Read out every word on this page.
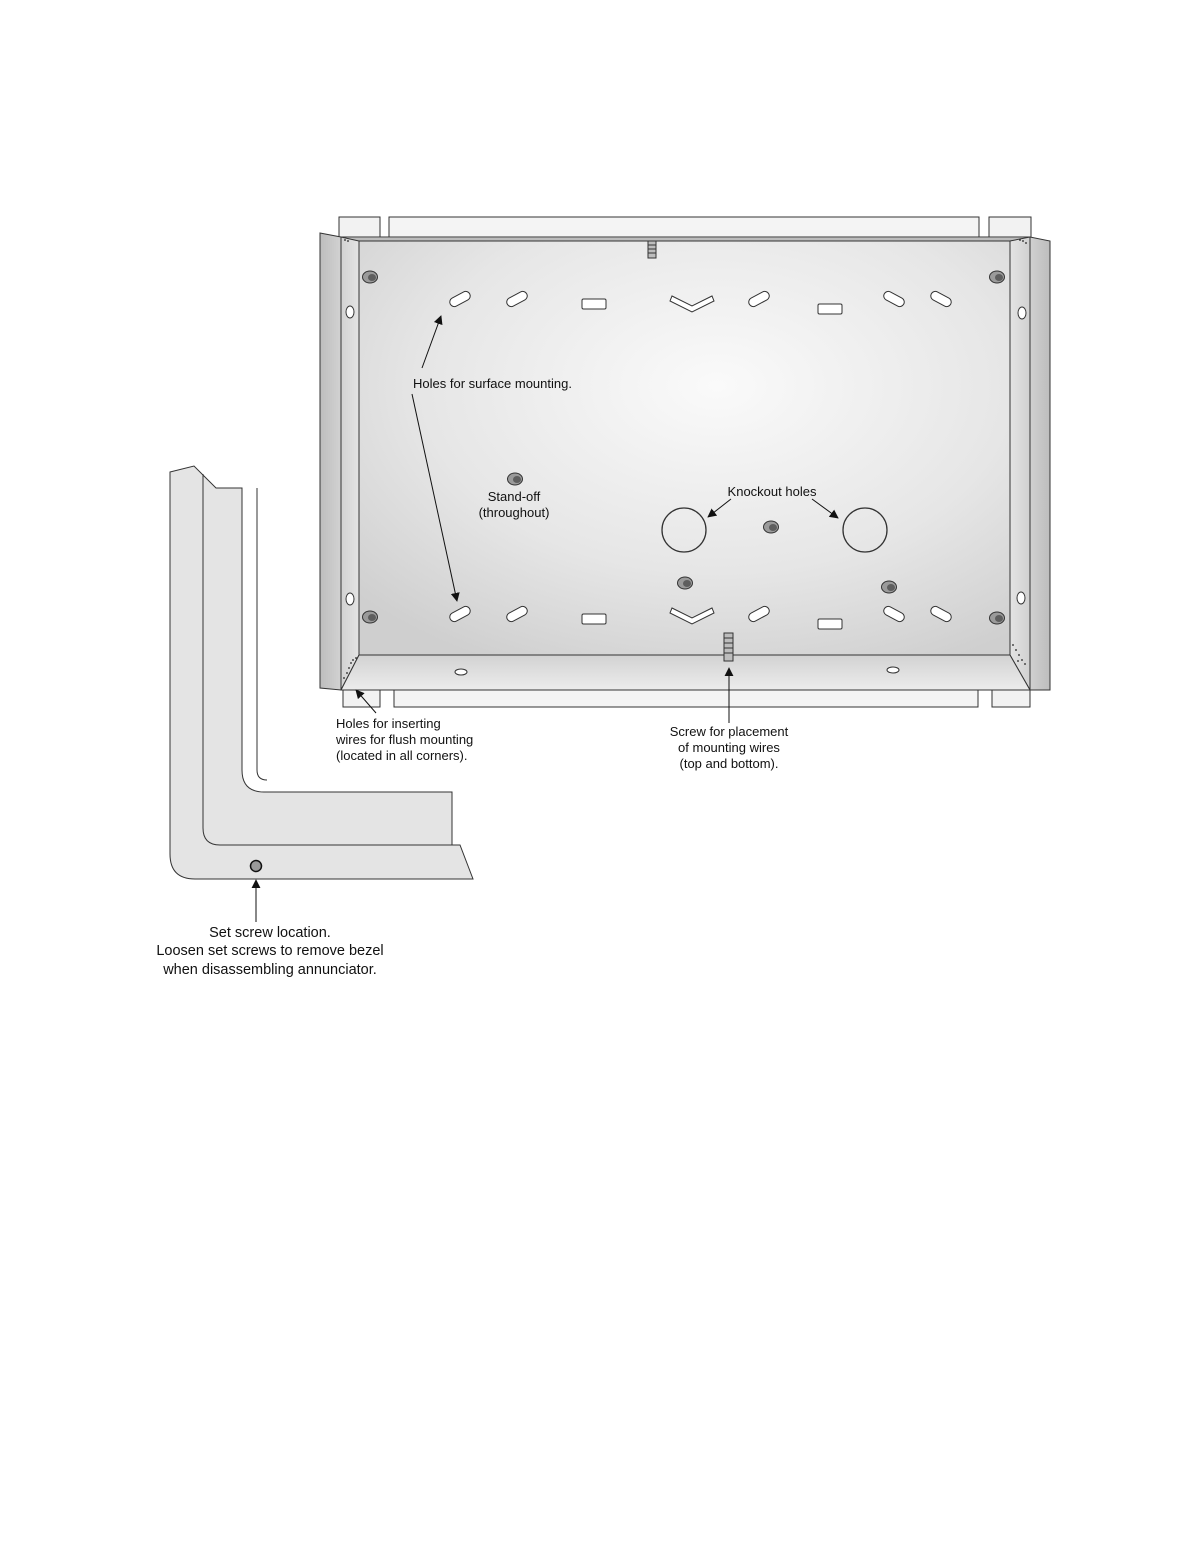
Holes for surface mounting.
Stand-off
(throughout)
Knockout holes
Holes for inserting
wires for flush mounting
(located in all corners).
Screw for placement
of mounting wires
(top and bottom).
Set screw location.
Loosen set screws to remove bezel
when disassembling annunciator.
